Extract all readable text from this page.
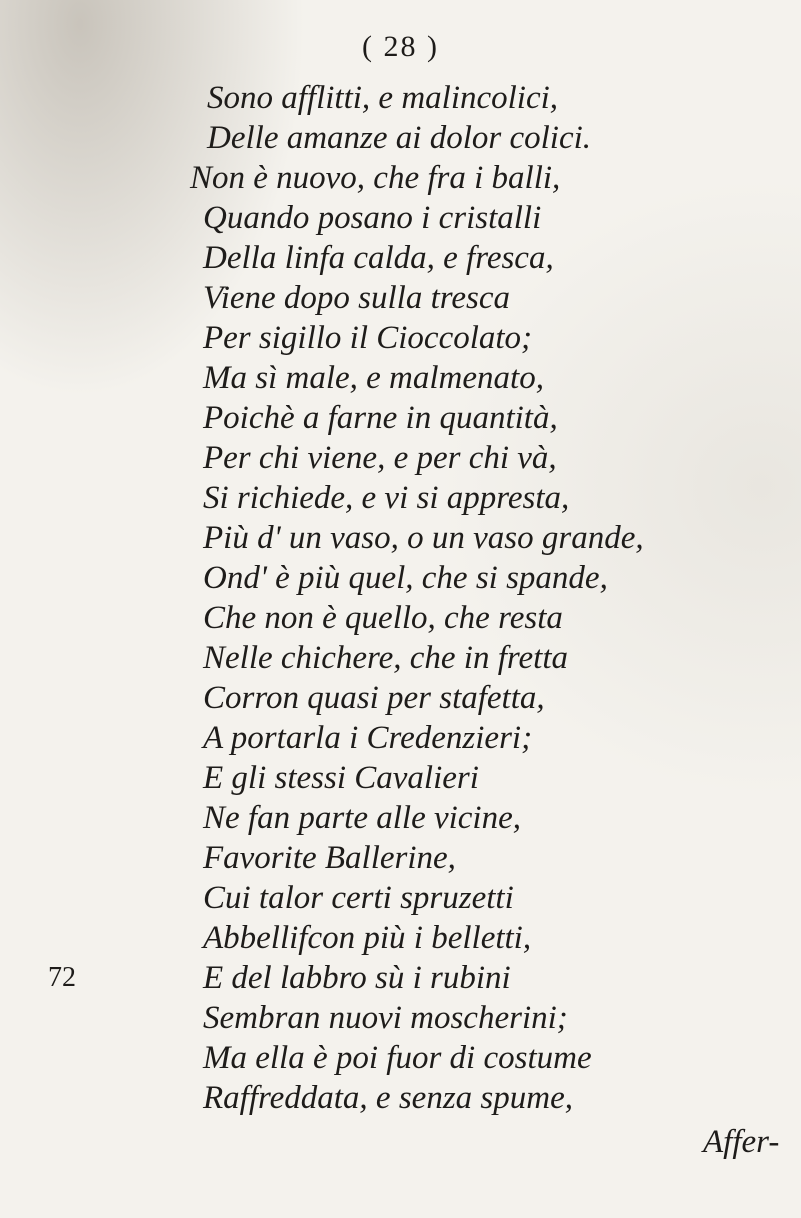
( 28 )
Sono afflitti, e malincolici,
Delle amanze ai dolor colici.
Non è nuovo, che fra i balli,
Quando posano i cristalli
Della linfa calda, e fresca,
Viene dopo sulla tresca
Per sigillo il Cioccolato;
Ma sì male, e malmenato,
Poichè a farne in quantità,
Per chi viene, e per chi và,
Si richiede, e vi si appresta,
Più d' un vaso, o un vaso grande,
Ond' è più quel, che si spande,
Che non è quello, che resta
Nelle chichere, che in fretta
Corron quasi per stafetta,
A portarla i Credenzieri;
E gli stessi Cavalieri
Ne fan parte alle vicine,
Favorite Ballerine,
Cui talor certi spruzetti
Abbellifcon più i belletti,
E del labbro sù i rubini
Sembran nuovi moscherini;
Ma ella è poi fuor di costume
Raffreddata, e senza spume,
72
Affer-
